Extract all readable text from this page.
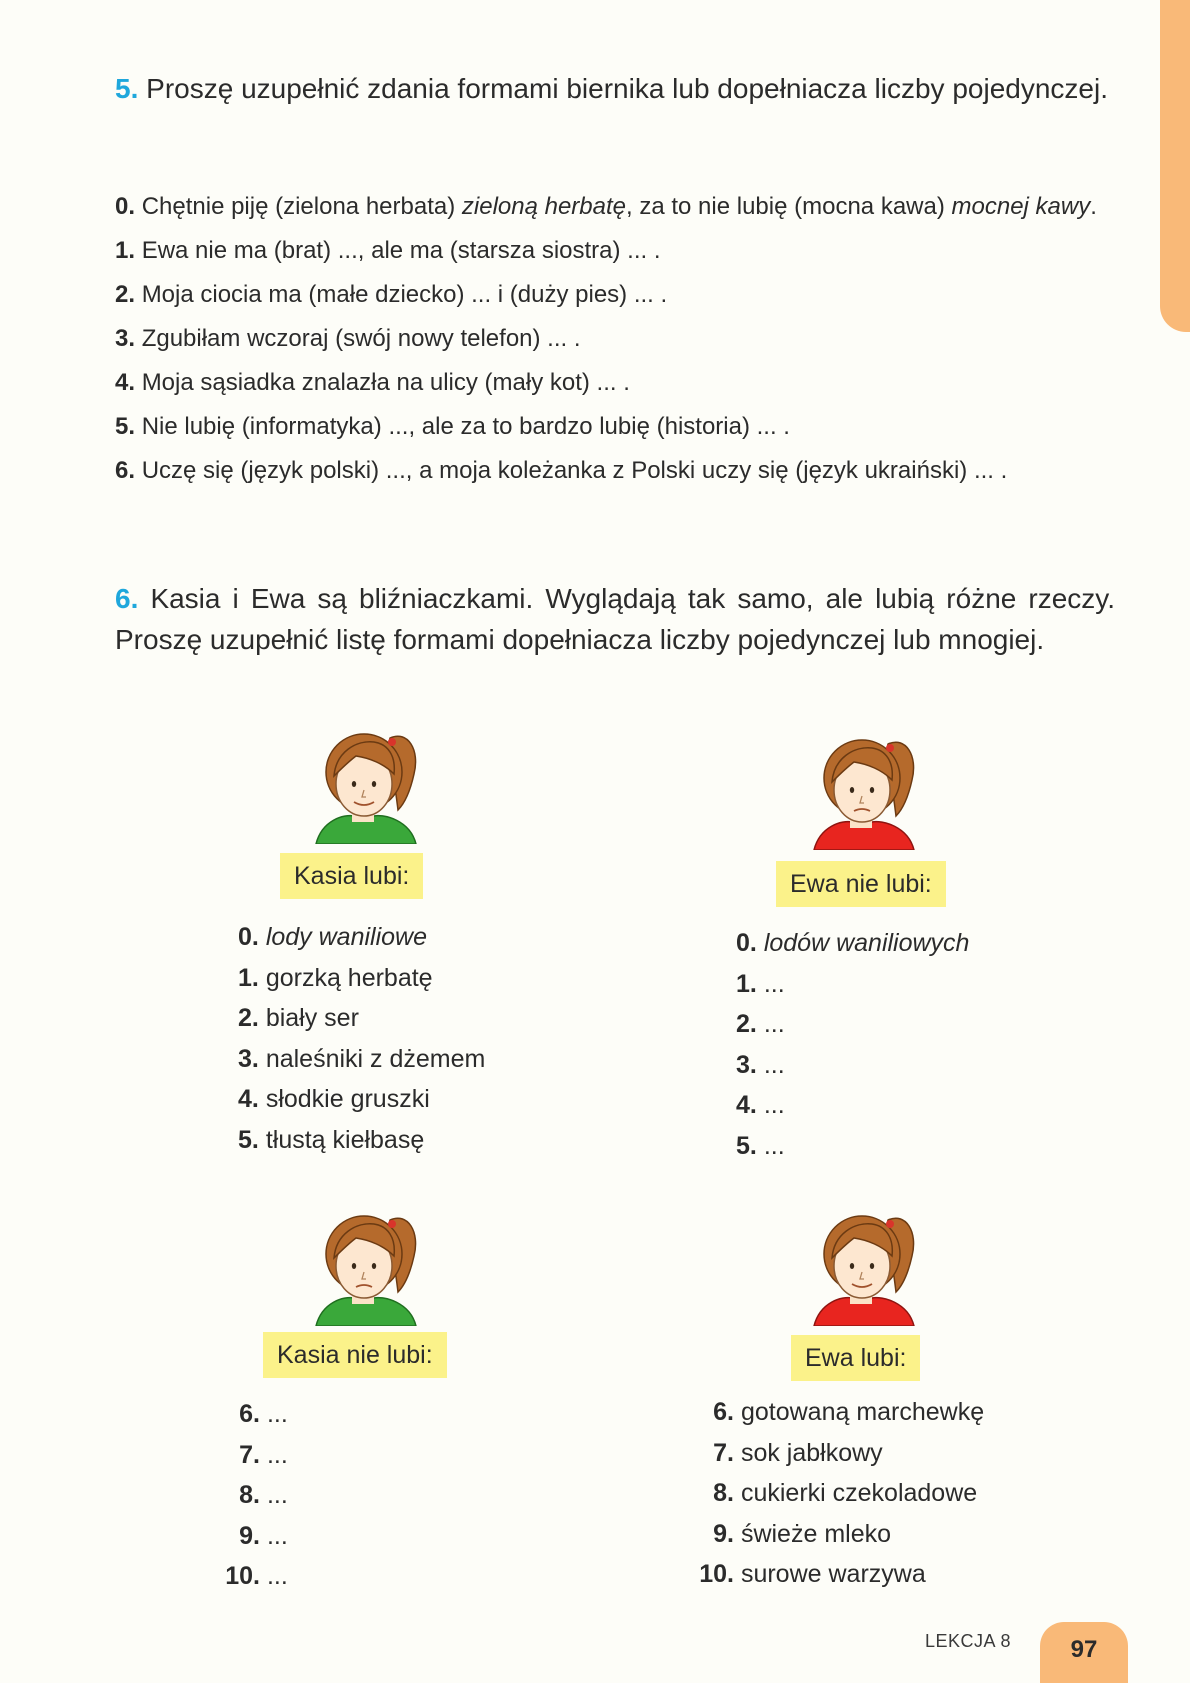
5. Proszę uzupełnić zdania formami biernika lub dopełniacza liczby pojedynczej.

0. Chętnie piję (zielona herbata) zieloną herbatę, za to nie lubię (mocna kawa) mocnej kawy.

1. Ewa nie ma (brat) ..., ale ma (starsza siostra) ... .

2. Moja ciocia ma (małe dziecko) ... i (duży pies) ... .

3. Zgubiłam wczoraj (swój nowy telefon) ... .

4. Moja sąsiadka znalazła na ulicy (mały kot) ... .

5. Nie lubię (informatyka) ..., ale za to bardzo lubię (historia) ... .

6. Uczę się (język polski) ..., a moja koleżanka z Polski uczy się (język ukraiński) ... .

6. Kasia i Ewa są bliźniaczkami. Wyglądają tak samo, ale lubią różne rzeczy. Proszę uzupełnić listę formami dopełniacza liczby pojedynczej lub mnogiej.
Kasia lubi:	Ewa nie lubi:
Kasia nie lubi:	Ewa lubi:
0. lody waniliowe
1. gorzką herbatę
2. biały ser
3. naleśniki z dżemem
4. słodkie gruszki
5. tłustą kiełbasę
0. lodów waniliowych
1. ...
2. ...
3. ...
4. ...
5. ...
6. ...
7. ...
8. ...
9. ...
10. ...
6. gotowaną marchewkę
7. sok jabłkowy
8. cukierki czekoladowe
9. świeże mleko
10. surowe warzywa
LEKCJA 8	97
